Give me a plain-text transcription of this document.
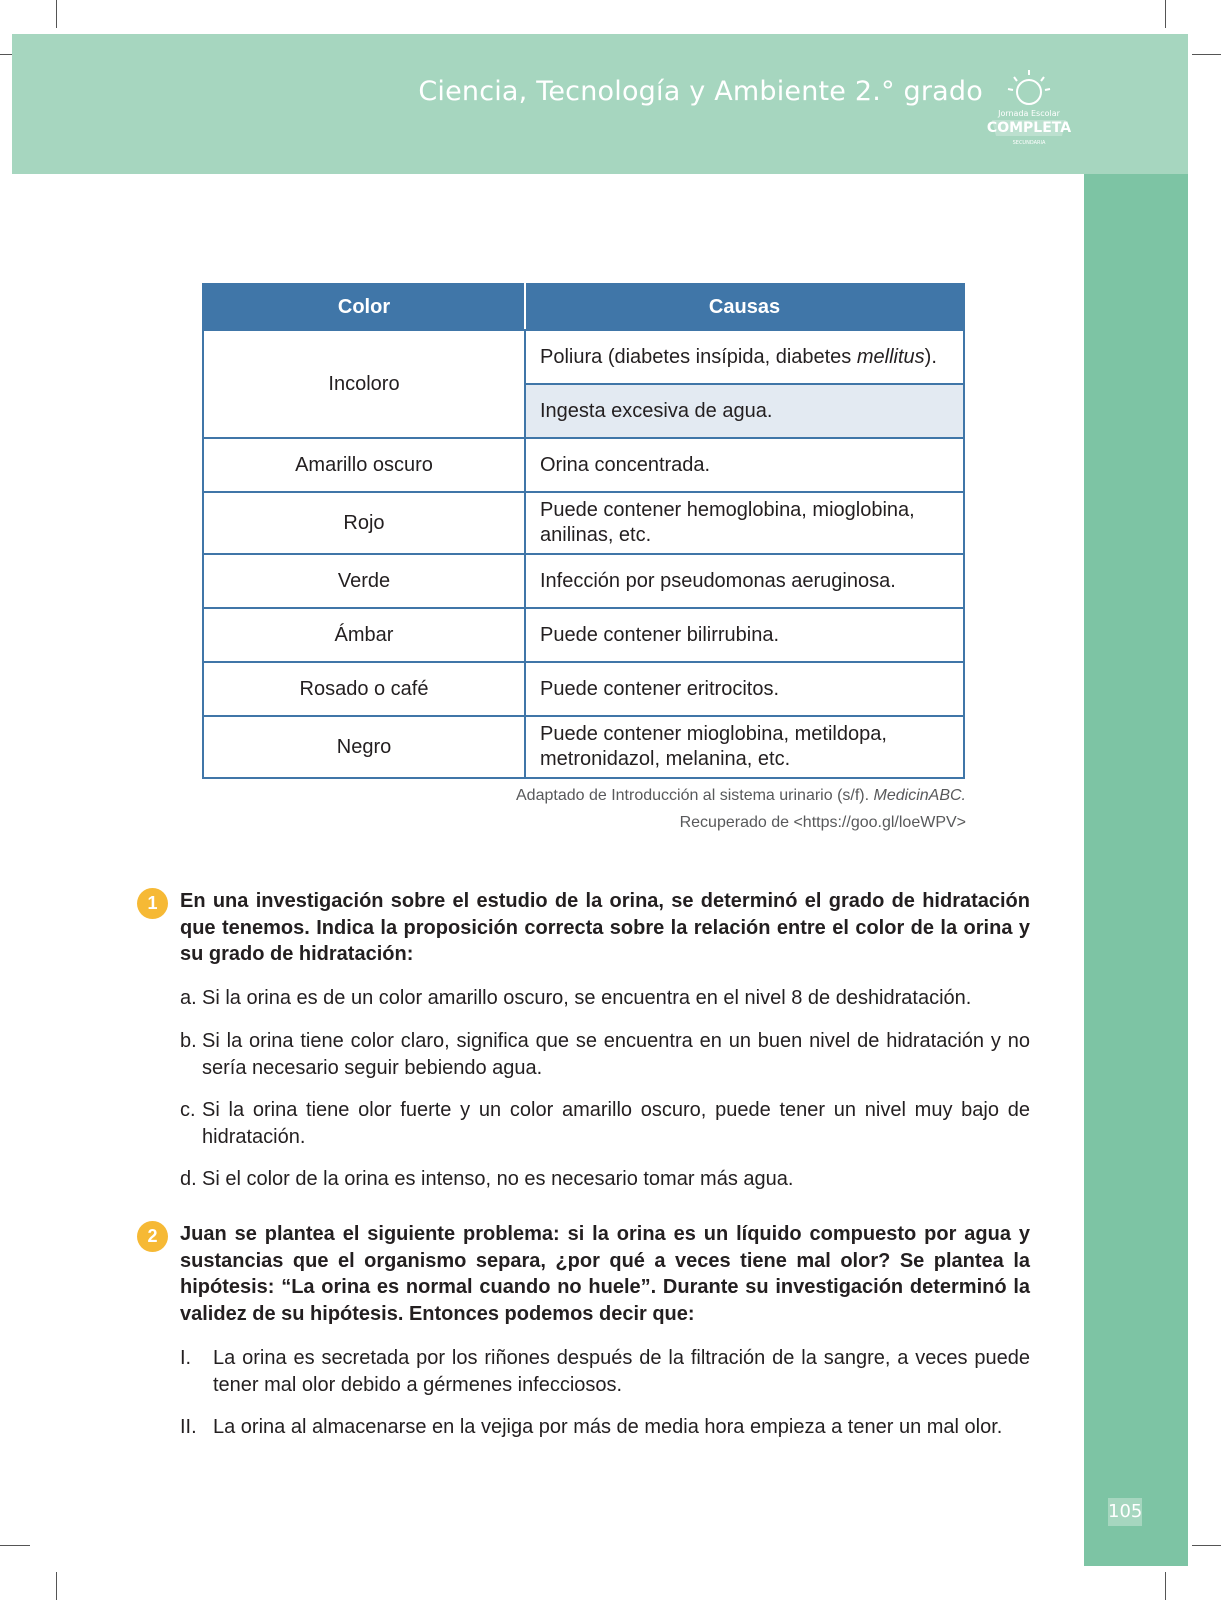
Ciencia, Tecnología y Ambiente 2.° grado
Jornada Escolar
COMPLETA
SECUNDARIA
105
Color	Causas
Incoloro	Poliura (diabetes insípida, diabetes mellitus).
	Ingesta excesiva de agua.
Amarillo oscuro	Orina concentrada.
Rojo	Puede contener hemoglobina, mioglobina, anilinas, etc.
Verde	Infección por pseudomonas aeruginosa.
Ámbar	Puede contener bilirrubina.
Rosado o café	Puede contener eritrocitos.
Negro	Puede contener mioglobina, metildopa, metronidazol, melanina, etc.
Adaptado de Introducción al sistema urinario (s/f). MedicinABC.
Recuperado de <https://goo.gl/loeWPV>
1	En una investigación sobre el estudio de la orina, se determinó el grado de hidratación que tenemos. Indica la proposición correcta sobre la relación entre el color de la orina y su grado de hidratación:
a. Si la orina es de un color amarillo oscuro, se encuentra en el nivel 8 de deshidratación.
b. Si la orina tiene color claro, significa que se encuentra en un buen nivel de hidratación y no sería necesario seguir bebiendo agua.
c. Si la orina tiene olor fuerte y un color amarillo oscuro, puede tener un nivel muy bajo de hidratación.
d. Si el color de la orina es intenso, no es necesario tomar más agua.
2	Juan se plantea el siguiente problema: si la orina es un líquido compuesto por agua y sustancias que el organismo separa, ¿por qué a veces tiene mal olor? Se plantea la hipótesis: “La orina es normal cuando no huele”. Durante su investigación determinó la validez de su hipótesis. Entonces podemos decir que:
I.	La orina es secretada por los riñones después de la filtración de la sangre, a veces puede tener mal olor debido a gérmenes infecciosos.
II. La orina al almacenarse en la vejiga por más de media hora empieza a tener un mal olor.
